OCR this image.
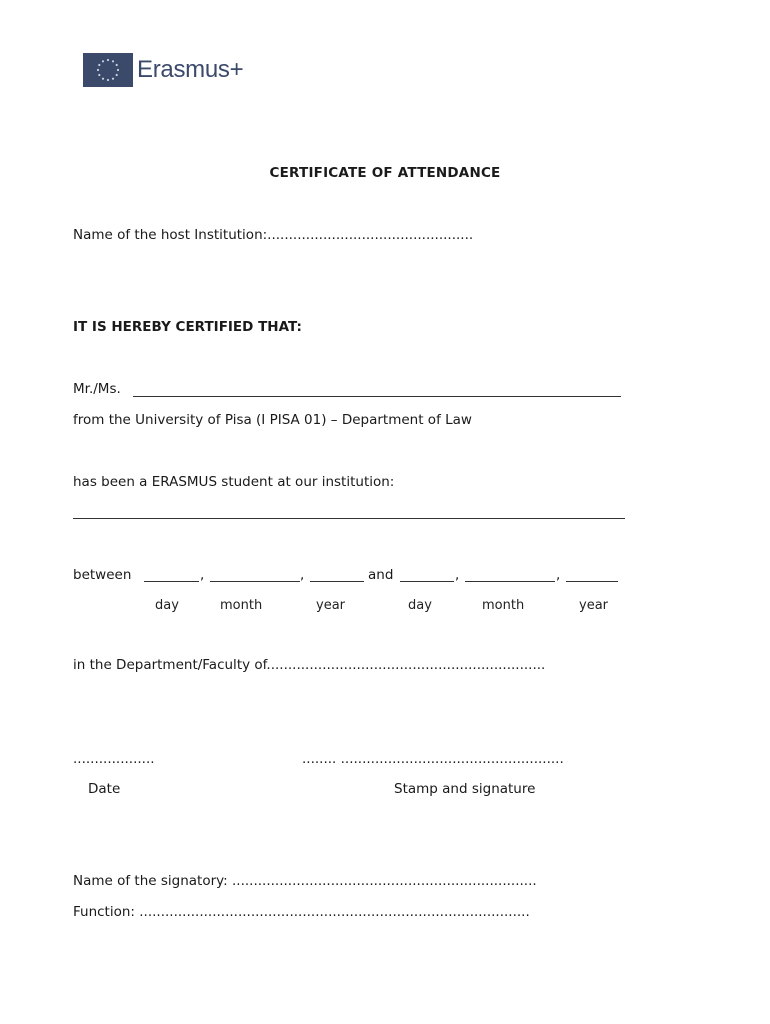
Erasmus+
CERTIFICATE OF ATTENDANCE
Name of the host Institution:................................................
IT IS HEREBY CERTIFIED THAT:
Mr./Ms.
from the University of Pisa (I PISA 01) – Department of Law
has been a ERASMUS student at our institution:
between	,	,	and	,	,
day	month	year	day	month	year
in the Department/Faculty of.................................................................
...................	........ ....................................................
Date	Stamp and signature
Name of the signatory: .......................................................................
Function: ...........................................................................................
